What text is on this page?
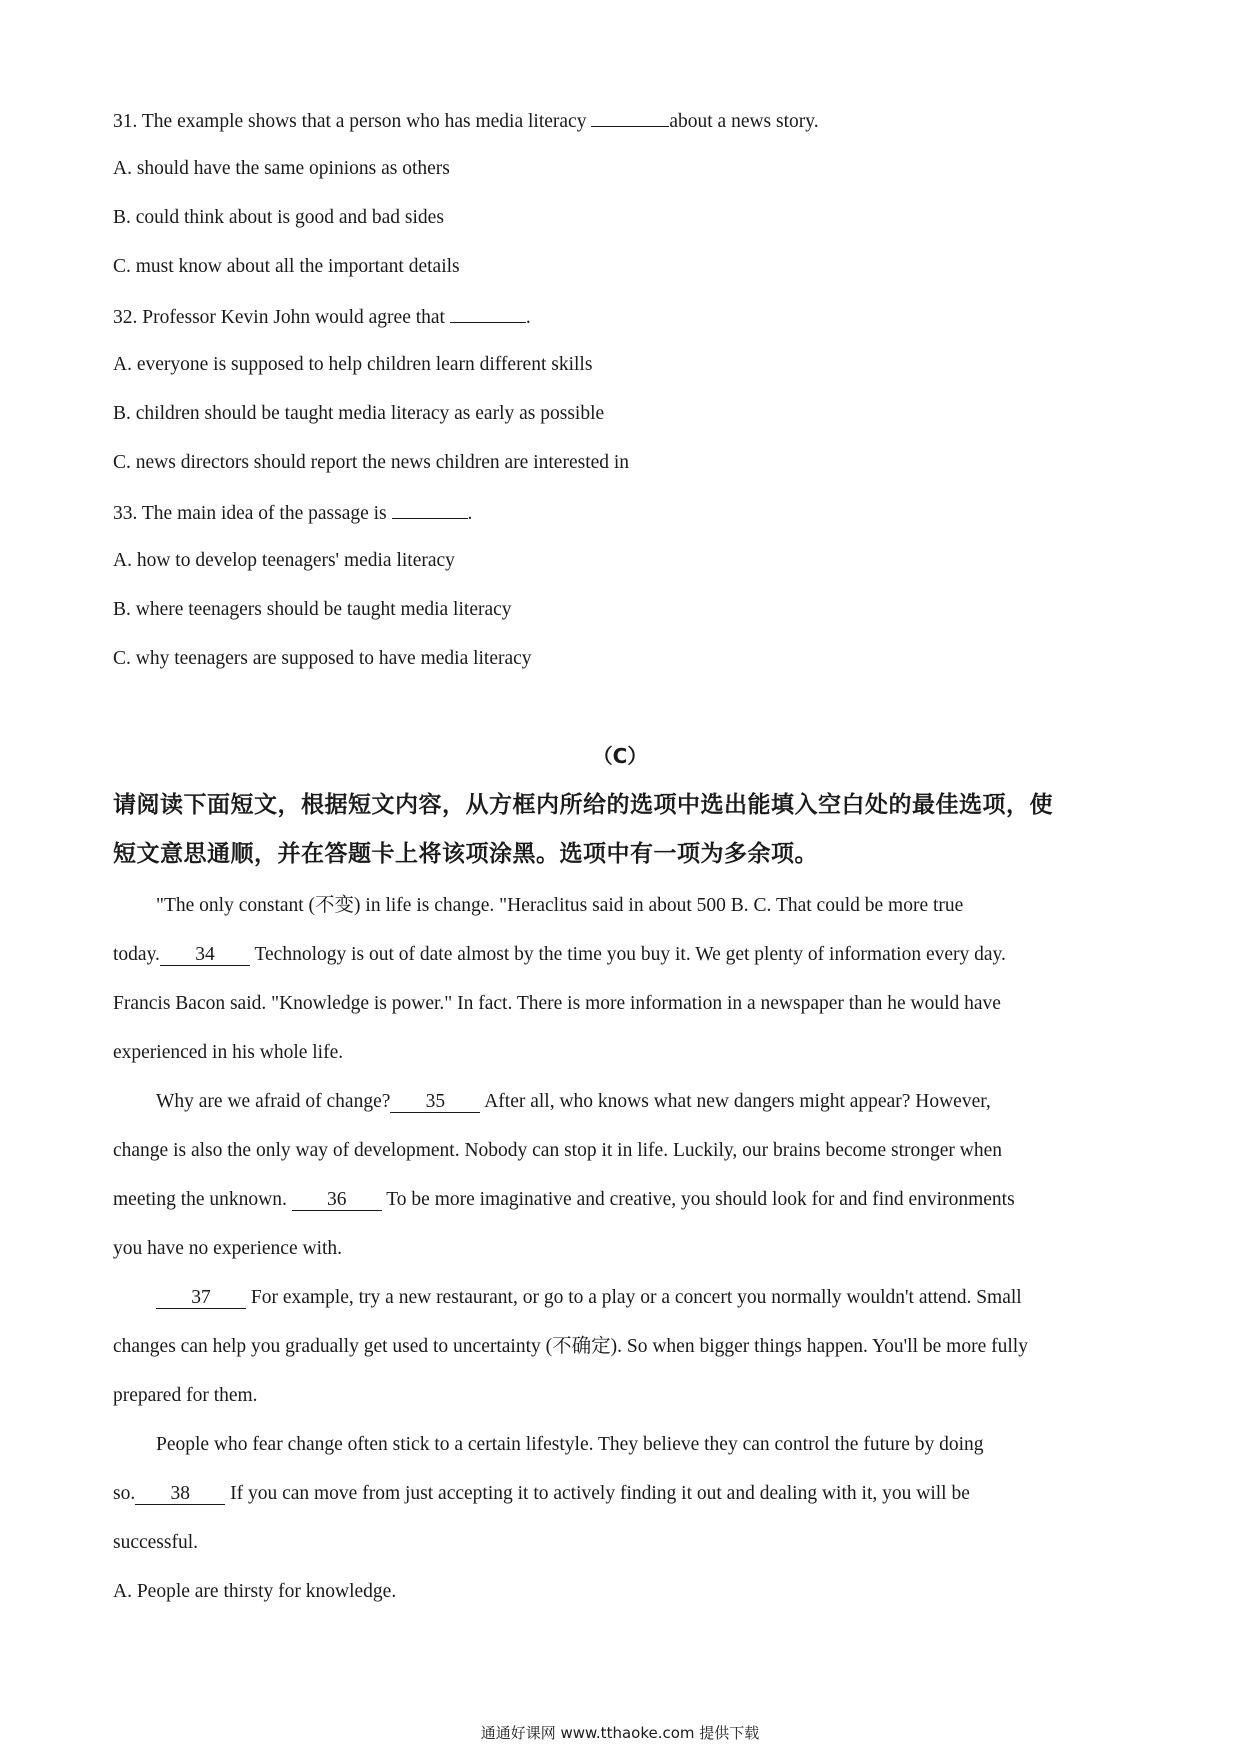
31. The example shows that a person who has media literacy	about a news story.
A. should have the same opinions as others
B. could think about is good and bad sides
C. must know about all the important details
32. Professor Kevin John would agree that	.
A. everyone is supposed to help children learn different skills
B. children should be taught media literacy as early as possible
C. news directors should report the news children are interested in
33. The main idea of the passage is	.
A. how to develop teenagers' media literacy
B. where teenagers should be taught media literacy
C. why teenagers are supposed to have media literacy
（C）
请阅读下面短文，根据短文内容，从方框内所给的选项中选出能填入空白处的最佳选项，使
短文意思通顺，并在答题卡上将该项涂黑。选项中有一项为多余项。
"The only constant (不变) in life is change. "Heraclitus said in about 500 B. C. That could be more true
today. 34 Technology is out of date almost by the time you buy it. We get plenty of information every day.
Francis Bacon said. "Knowledge is power." In fact. There is more information in a newspaper than he would have
experienced in his whole life.
Why are we afraid of change? 35 After all, who knows what new dangers might appear? However,
change is also the only way of development. Nobody can stop it in life. Luckily, our brains become stronger when
meeting the unknown. 36 To be more imaginative and creative, you should look for and find environments
you have no experience with.
37 For example, try a new restaurant, or go to a play or a concert you normally wouldn't attend. Small
changes can help you gradually get used to uncertainty (不确定). So when bigger things happen. You'll be more fully
prepared for them.
People who fear change often stick to a certain lifestyle. They believe they can control the future by doing
so. 38 If you can move from just accepting it to actively finding it out and dealing with it, you will be
successful.
A. People are thirsty for knowledge.
通通好课网 www.tthaoke.com 提供下载
